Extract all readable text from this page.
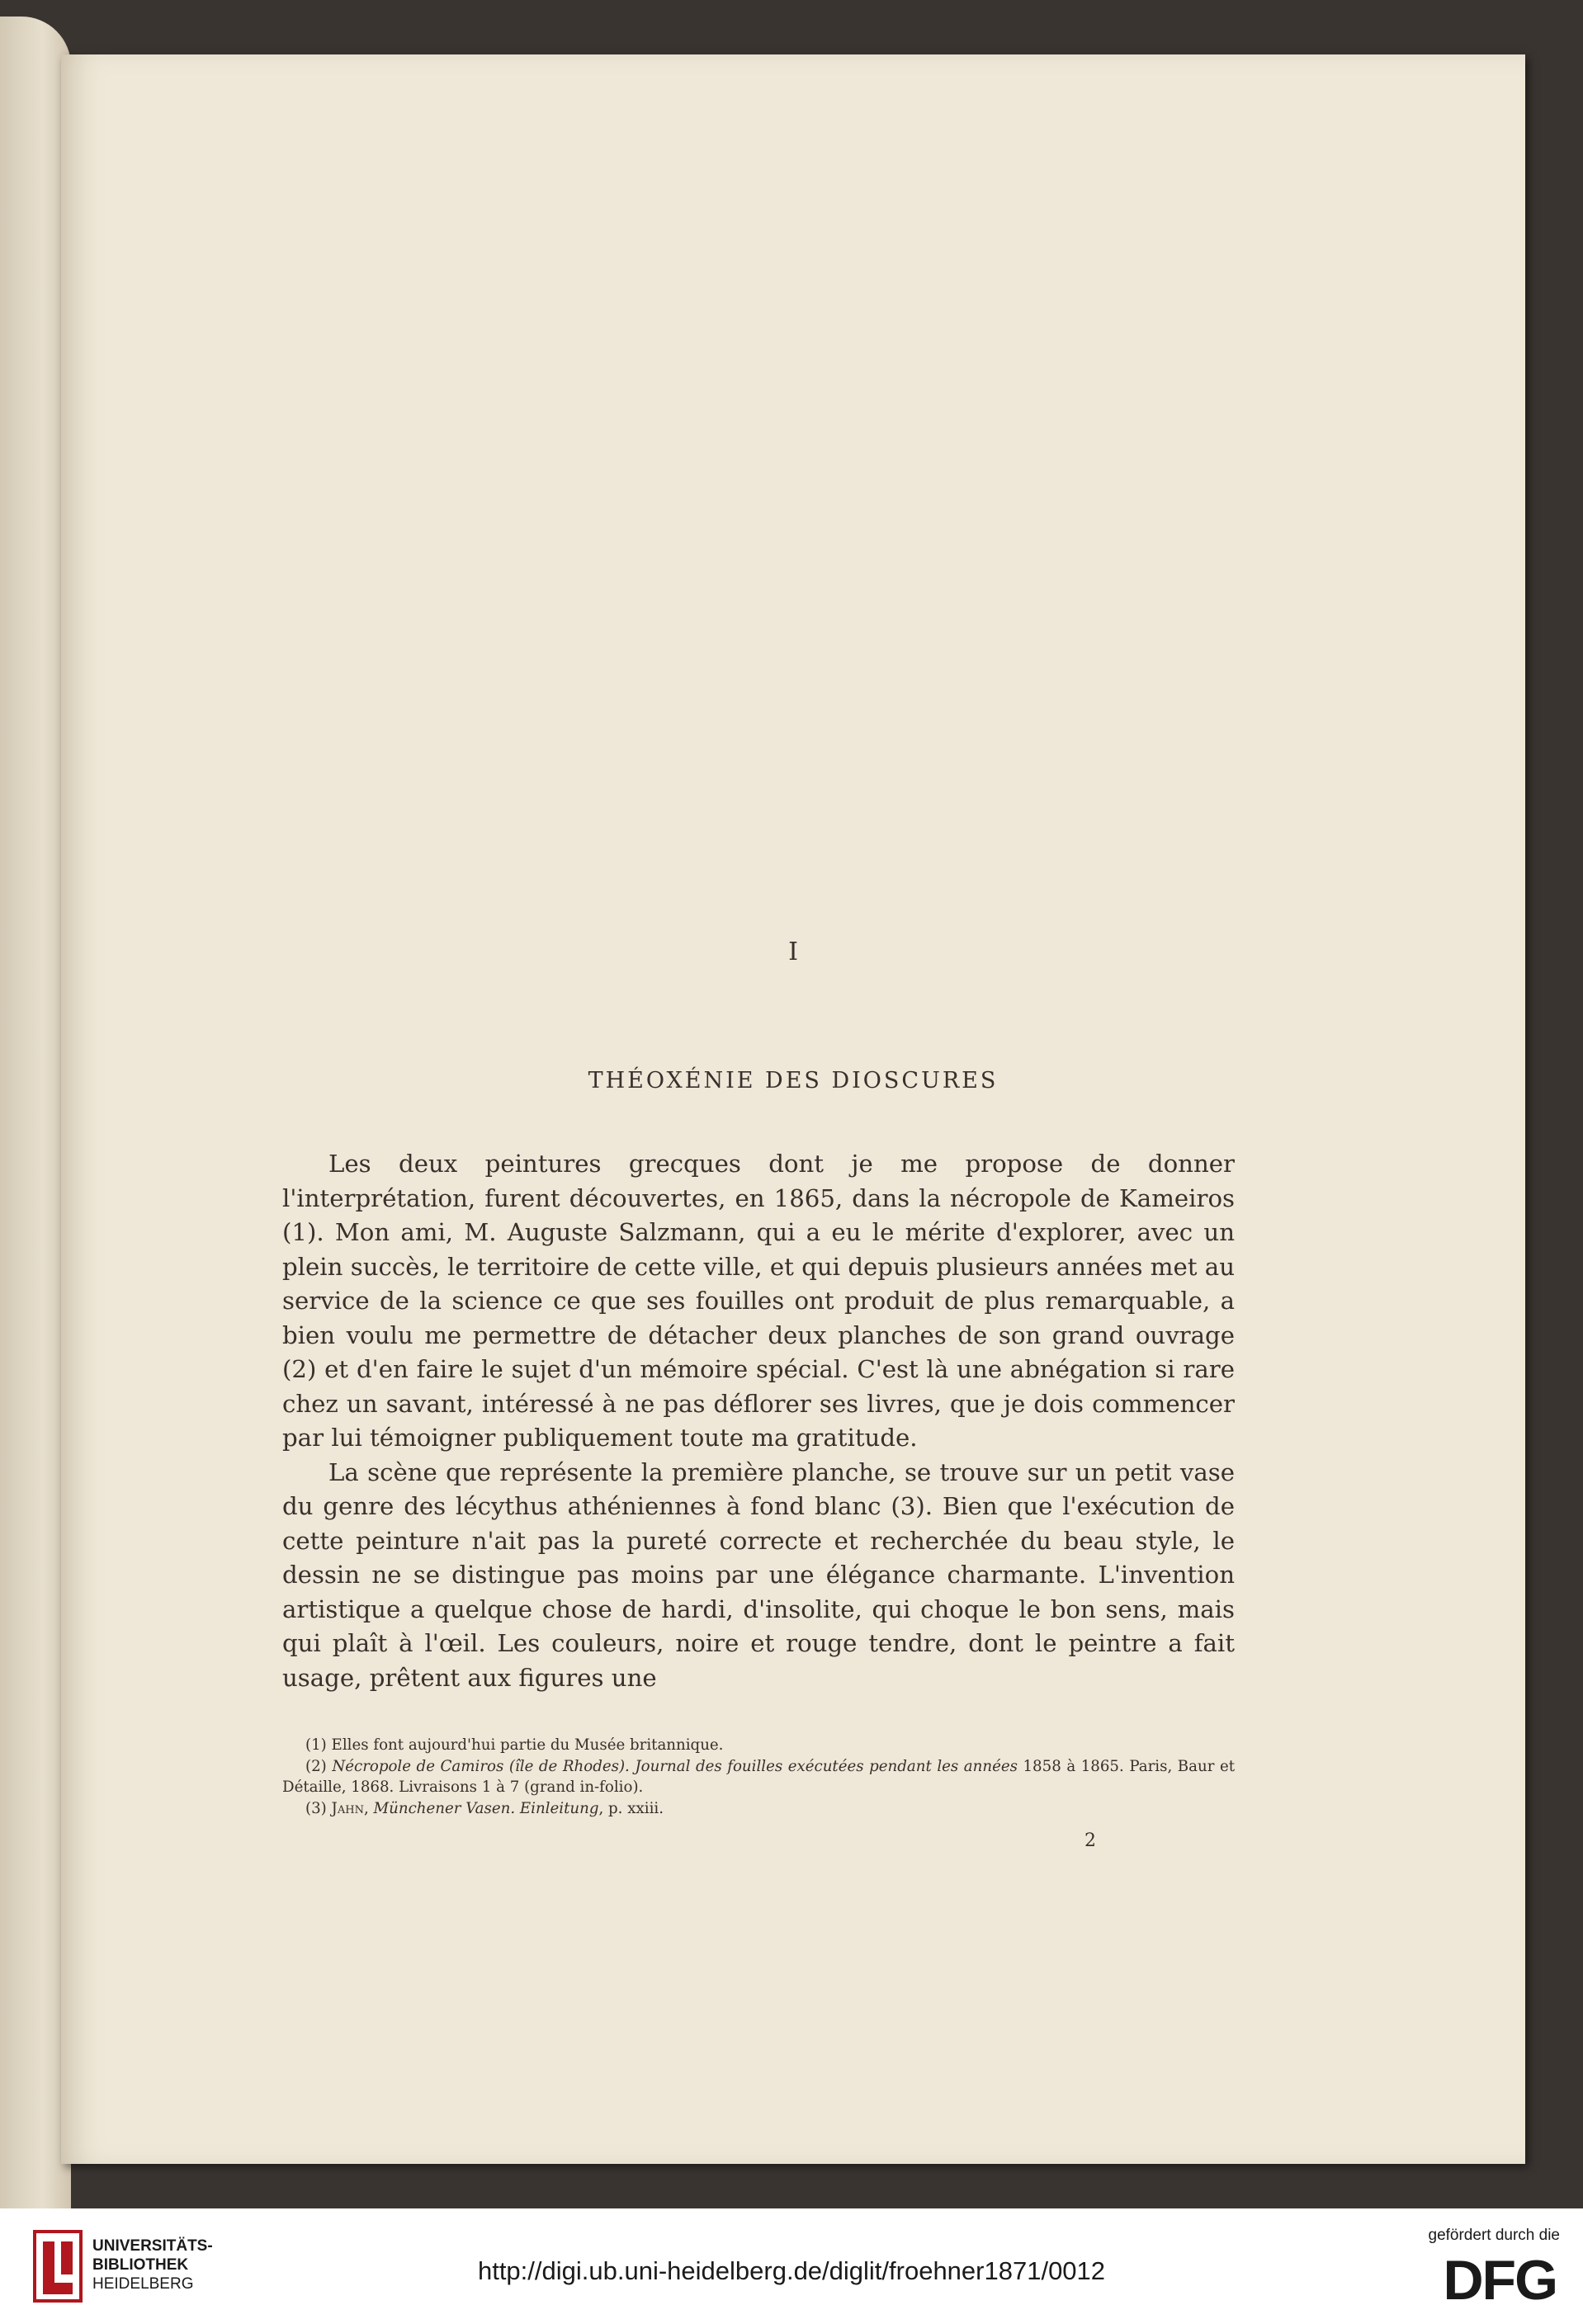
I
THÉOXÉNIE DES DIOSCURES

Les deux peintures grecques dont je me propose de donner l'interprétation, furent découvertes, en 1865, dans la nécropole de Kameiros (1). Mon ami, M. Auguste Salzmann, qui a eu le mérite d'explorer, avec un plein succès, le territoire de cette ville, et qui depuis plusieurs années met au service de la science ce que ses fouilles ont produit de plus remarquable, a bien voulu me permettre de détacher deux planches de son grand ouvrage (2) et d'en faire le sujet d'un mémoire spécial. C'est là une abnégation si rare chez un savant, intéressé à ne pas déflorer ses livres, que je dois commencer par lui témoigner publiquement toute ma gratitude.

La scène que représente la première planche, se trouve sur un petit vase du genre des lécythus athéniennes à fond blanc (3). Bien que l'exécution de cette peinture n'ait pas la pureté correcte et recherchée du beau style, le dessin ne se distingue pas moins par une élégance charmante. L'invention artistique a quelque chose de hardi, d'insolite, qui choque le bon sens, mais qui plaît à l'œil. Les couleurs, noire et rouge tendre, dont le peintre a fait usage, prêtent aux figures une

(1) Elles font aujourd'hui partie du Musée britannique.

(2) Nécropole de Camiros (île de Rhodes). Journal des fouilles exécutées pendant les années 1858 à 1865. Paris, Baur et Détaille, 1868. Livraisons 1 à 7 (grand in-folio).

(3) Jahn, Münchener Vasen. Einleitung, p. xxiii.

2
UNIVERSITÄTS-
BIBLIOTHEK
HEIDELBERG	http://digi.ub.uni-heidelberg.de/diglit/froehner1871/0012
gefördert durch die
DFG
